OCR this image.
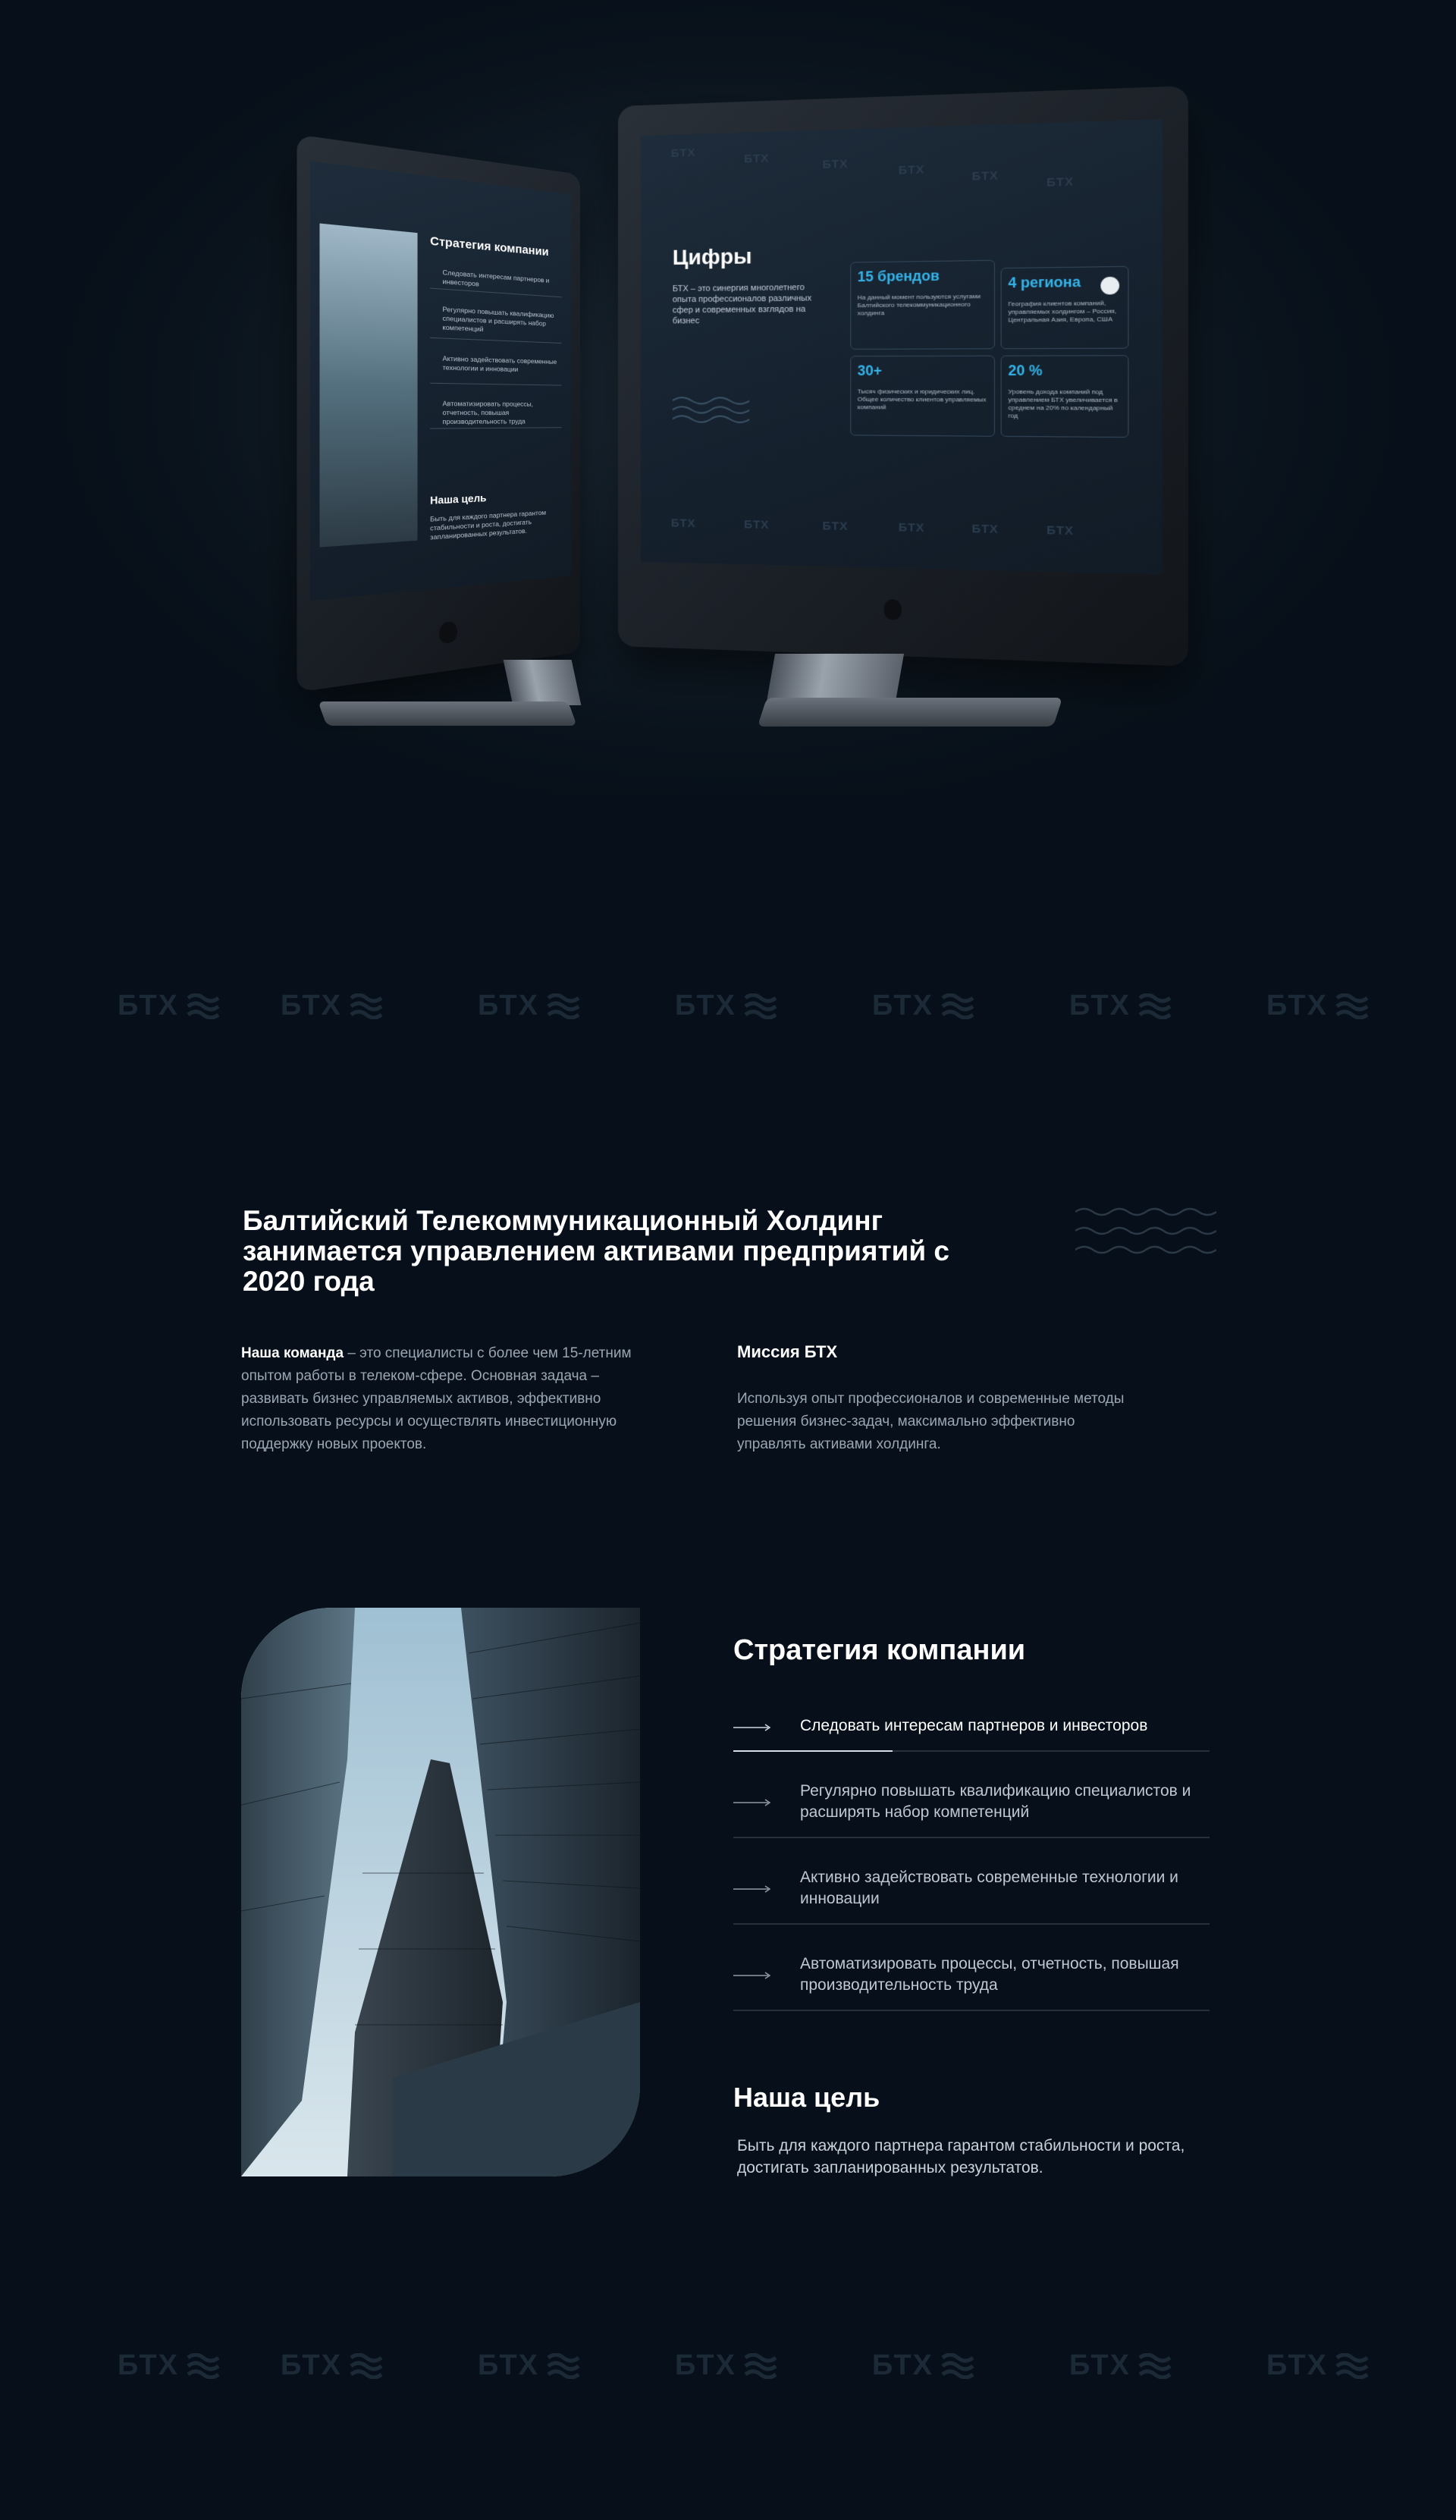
БТХ	БТХ	БТХ	БТХ	БТХ	БТХ
БТХ	БТХ	БТХ	БТХ	БТХ	БТХ
Цифры
БТХ – это синергия многолетнего опыта профессионалов различных сфер и современных взглядов на бизнес
15 брендов
На данный момент пользуются услугами Балтийского телекоммуникационного холдинга
4 региона
География клиентов компаний, управляемых холдингом – Россия, Центральная Азия, Европа, США
30+
Тысяч физических и юридических лиц. Общее количество клиентов управляемых компаний
20 %
Уровень дохода компаний под управлением БТХ увеличивается в среднем на 20% по календарный год
Стратегия компании
Следовать интересам партнеров и инвесторов
Регулярно повышать квалификацию специалистов и расширять набор компетенций
Активно задействовать современные технологии и инновации
Автоматизировать процессы, отчетность, повышая производительность труда
Наша цель
Быть для каждого партнера гарантом стабильности и роста, достигать запланированных результатов.
БТХ	БТХ	БТХ	БТХ	БТХ	БТХ	БТХ
Балтийский Телекоммуникационный Холдинг занимается управлением активами предприятий с 2020 года
Наша команда – это специалисты с более чем 15-летним опытом работы в телеком-сфере. Основная задача – развивать бизнес управляемых активов, эффективно использовать ресурсы и осуществлять инвестиционную поддержку новых проектов.
Миссия БТХ
Используя опыт профессионалов и современные методы решения бизнес-задач, максимально эффективно управлять активами холдинга.
Стратегия компании
Следовать интересам партнеров и инвесторов
Регулярно повышать квалификацию специалистов и расширять набор компетенций
Активно задействовать современные технологии и инновации
Автоматизировать процессы, отчетность, повышая производительность труда
Наша цель
Быть для каждого партнера гарантом стабильности и роста, достигать запланированных результатов.
БТХ	БТХ	БТХ	БТХ	БТХ	БТХ	БТХ
